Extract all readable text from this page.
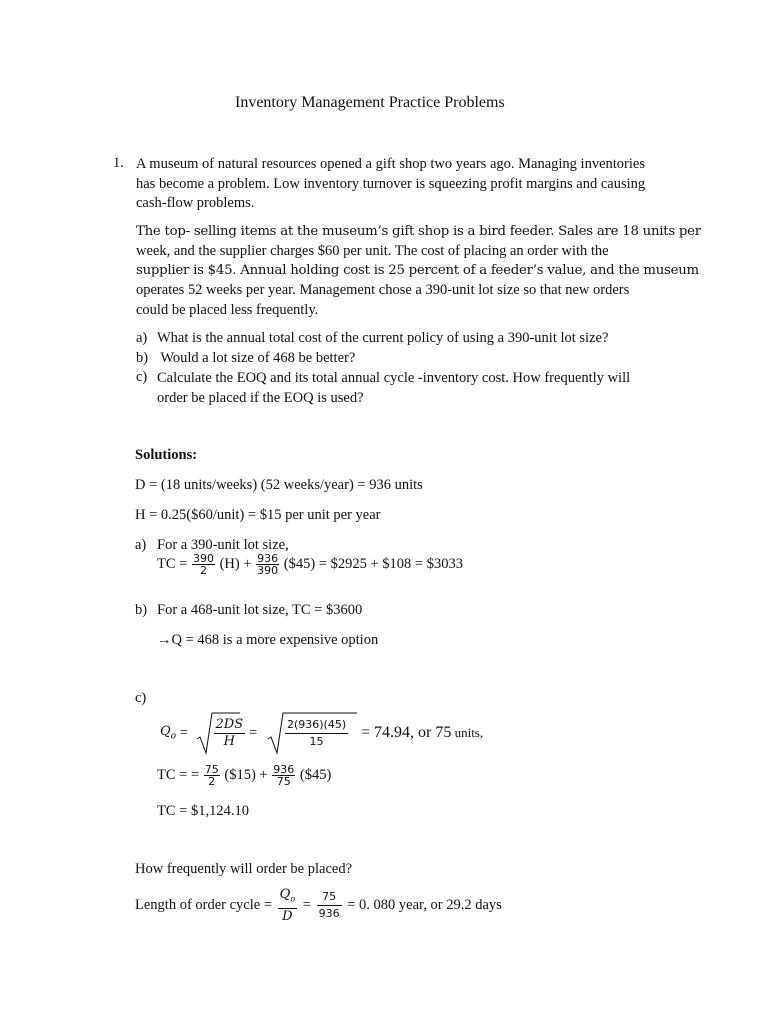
Inventory Management Practice Problems
1. A museum of natural resources opened a gift shop two years ago. Managing inventories
has become a problem. Low inventory turnover is squeezing profit margins and causing
cash-flow problems.
The top- selling items at the museum’s gift shop is a bird feeder. Sales are 18 units per
week, and the supplier charges $60 per unit. The cost of placing an order with the
supplier is $45. Annual holding cost is 25 percent of a feeder’s value, and the museum
operates 52 weeks per year. Management chose a 390-unit lot size so that new orders
could be placed less frequently.
a) What is the annual total cost of the current policy of using a 390-unit lot size?
b) Would a lot size of 468 be better?
c) Calculate the EOQ and its total annual cycle -inventory cost. How frequently will
order be placed if the EOQ is used?
Solutions:
D = (18 units/weeks) (52 weeks/year) = 936 units
H = 0.25($60/unit) = $15 per unit per year
a) For a 390-unit lot size,
TC = $\frac{390}{2} (H) + \frac{936}{390}$ ($45) = $2925 + $108 = $3033
b) For a 468-unit lot size, TC = $3600
→Q = 468 is a more expensive option
c)
$Q_o = \frac{2DS}{H} = \frac{2(936)(45)}{15} = 74.94$, or 75 units,
TC = = $\frac{75}{2}$ ($15) + $\frac{936}{75}$ ($45)
TC = $1,124.10
How frequently will order be placed?
Length of order cycle = $\frac{Q_o}{D} = \frac{75}{936} = 0$. 080 year, or 29.2 days
